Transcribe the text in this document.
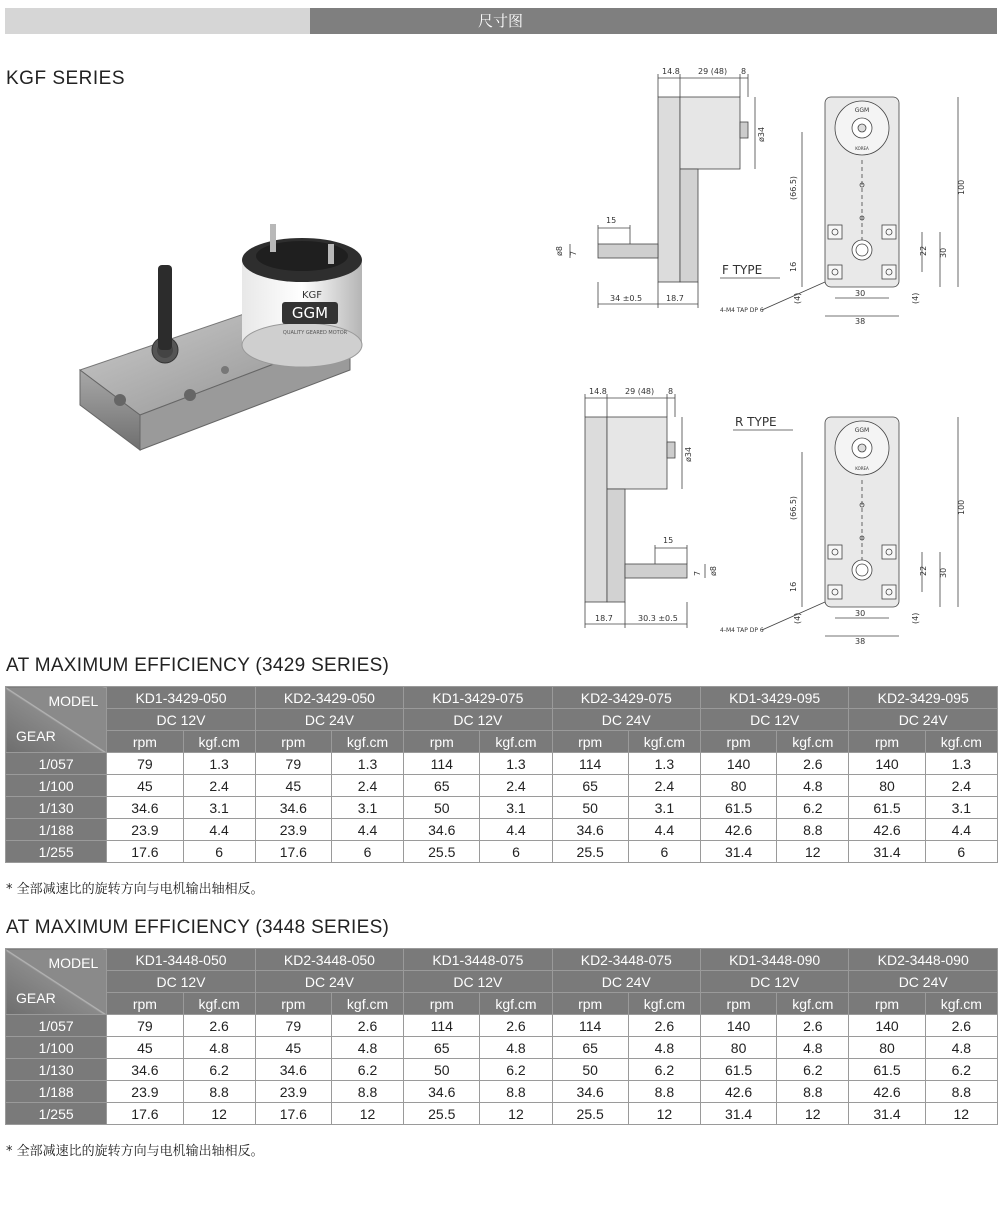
尺寸图
KGF SERIES
GGM
KGF
QUALITY GEARED MOTOR
14.8 29 (48) 8
ø34
15
ø8 7
34 ±0.5	18.7
F TYPE
4-M4 TAP DP 6
GGM
KOREA
(66.5)
16
100
30
22
30
38
(4)	(4)
14.8 29 (48) 8
ø34
15
ø8
7
18.7	30.3 ±0.5
R TYPE
4-M4 TAP DP 6
GGM
KOREA
(66.5)
16
100
30
22
30
38
(4)	(4)
AT MAXIMUM EFFICIENCY (3429 SERIES)
MODEL
GEAR	KD1-3429-050		KD2-3429-050		KD1-3429-075		KD2-3429-075		KD1-3429-095		KD2-3429-095	
	DC 12V		DC 24V		DC 12V		DC 24V		DC 12V		DC 24V	
	rpm	kgf.cm	rpm	kgf.cm	rpm	kgf.cm	rpm	kgf.cm	rpm	kgf.cm	rpm	kgf.cm
1/057	79	1.3	79	1.3	114	1.3	114	1.3	140	2.6	140	1.3
1/100	45	2.4	45	2.4	65	2.4	65	2.4	80	4.8	80	2.4
1/130	34.6	3.1	34.6	3.1	50	3.1	50	3.1	61.5	6.2	61.5	3.1
1/188	23.9	4.4	23.9	4.4	34.6	4.4	34.6	4.4	42.6	8.8	42.6	4.4
1/255	17.6	6	17.6	6	25.5	6	25.5	6	31.4	12	31.4	6
* 全部减速比的旋转方向与电机输出轴相反。
AT MAXIMUM EFFICIENCY (3448 SERIES)
MODEL
GEAR	KD1-3448-050		KD2-3448-050		KD1-3448-075		KD2-3448-075		KD1-3448-090		KD2-3448-090	
	DC 12V		DC 24V		DC 12V		DC 24V		DC 12V		DC 24V	
	rpm	kgf.cm	rpm	kgf.cm	rpm	kgf.cm	rpm	kgf.cm	rpm	kgf.cm	rpm	kgf.cm
1/057	79	2.6	79	2.6	114	2.6	114	2.6	140	2.6	140	2.6
1/100	45	4.8	45	4.8	65	4.8	65	4.8	80	4.8	80	4.8
1/130	34.6	6.2	34.6	6.2	50	6.2	50	6.2	61.5	6.2	61.5	6.2
1/188	23.9	8.8	23.9	8.8	34.6	8.8	34.6	8.8	42.6	8.8	42.6	8.8
1/255	17.6	12	17.6	12	25.5	12	25.5	12	31.4	12	31.4	12
* 全部减速比的旋转方向与电机输出轴相反。
